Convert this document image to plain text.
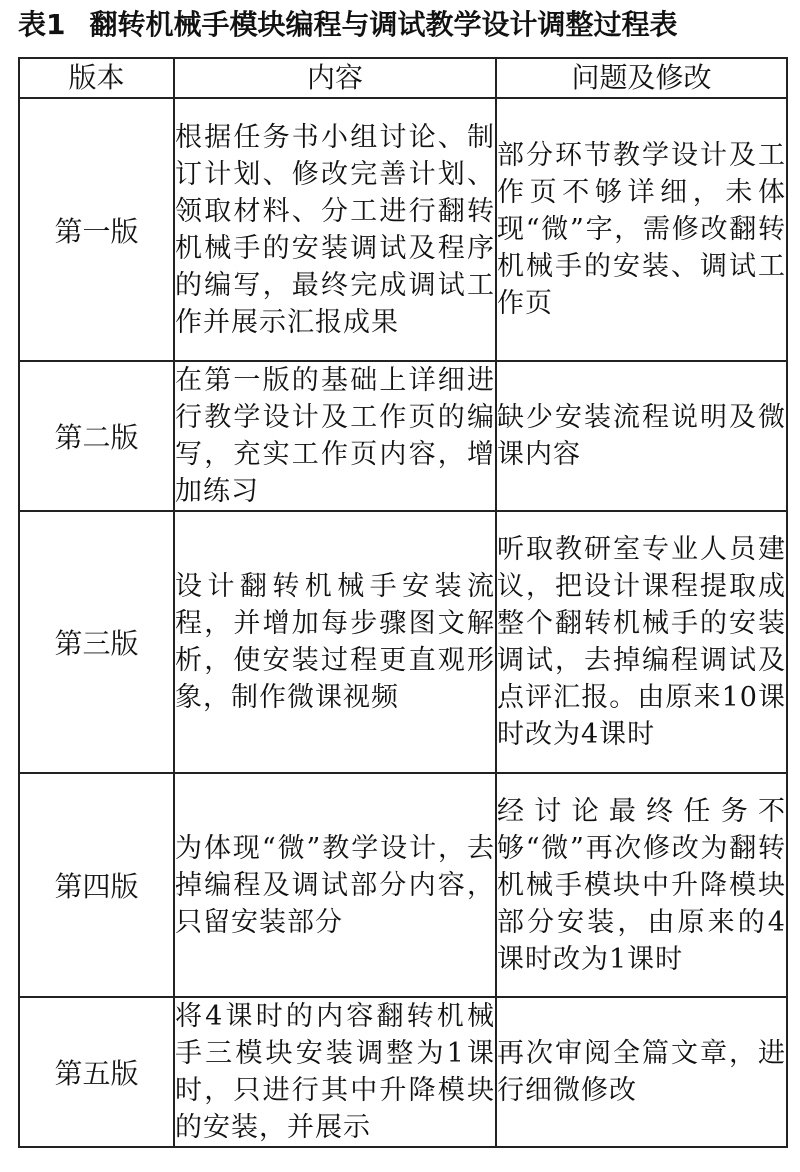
表1 翻转机械手模块编程与调试教学设计调整过程表
版本	内容	问题及修改
第一版	根据任务书小组讨论、制订计划、修改完善计划、领取材料、分工进行翻转机械手的安装调试及程序的编写，最终完成调试工作并展示汇报成果	部分环节教学设计及工作页不够详细，未体现“微”字，需修改翻转机械手的安装、调试工作页

第二版	在第一版的基础上详细进行教学设计及工作页的编写，充实工作页内容，增加练习	缺少安装流程说明及微课内容

第三版	设计翻转机械手安装流程，并增加每步骤图文解析，使安装过程更直观形象，制作微课视频	听取教研室专业人员建议，把设计课程提取成整个翻转机械手的安装调试，去掉编程调试及点评汇报。由原来10课时改为4课时

第四版	为体现“微”教学设计，去掉编程及调试部分内容，只留安装部分	经讨论最终任务不够“微”再次修改为翻转机械手模块中升降模块部分安装，由原来的4课时改为1课时

第五版	将4课时的内容翻转机械手三模块安装调整为1课时，只进行其中升降模块的安装，并展示	再次审阅全篇文章，进行细微修改
